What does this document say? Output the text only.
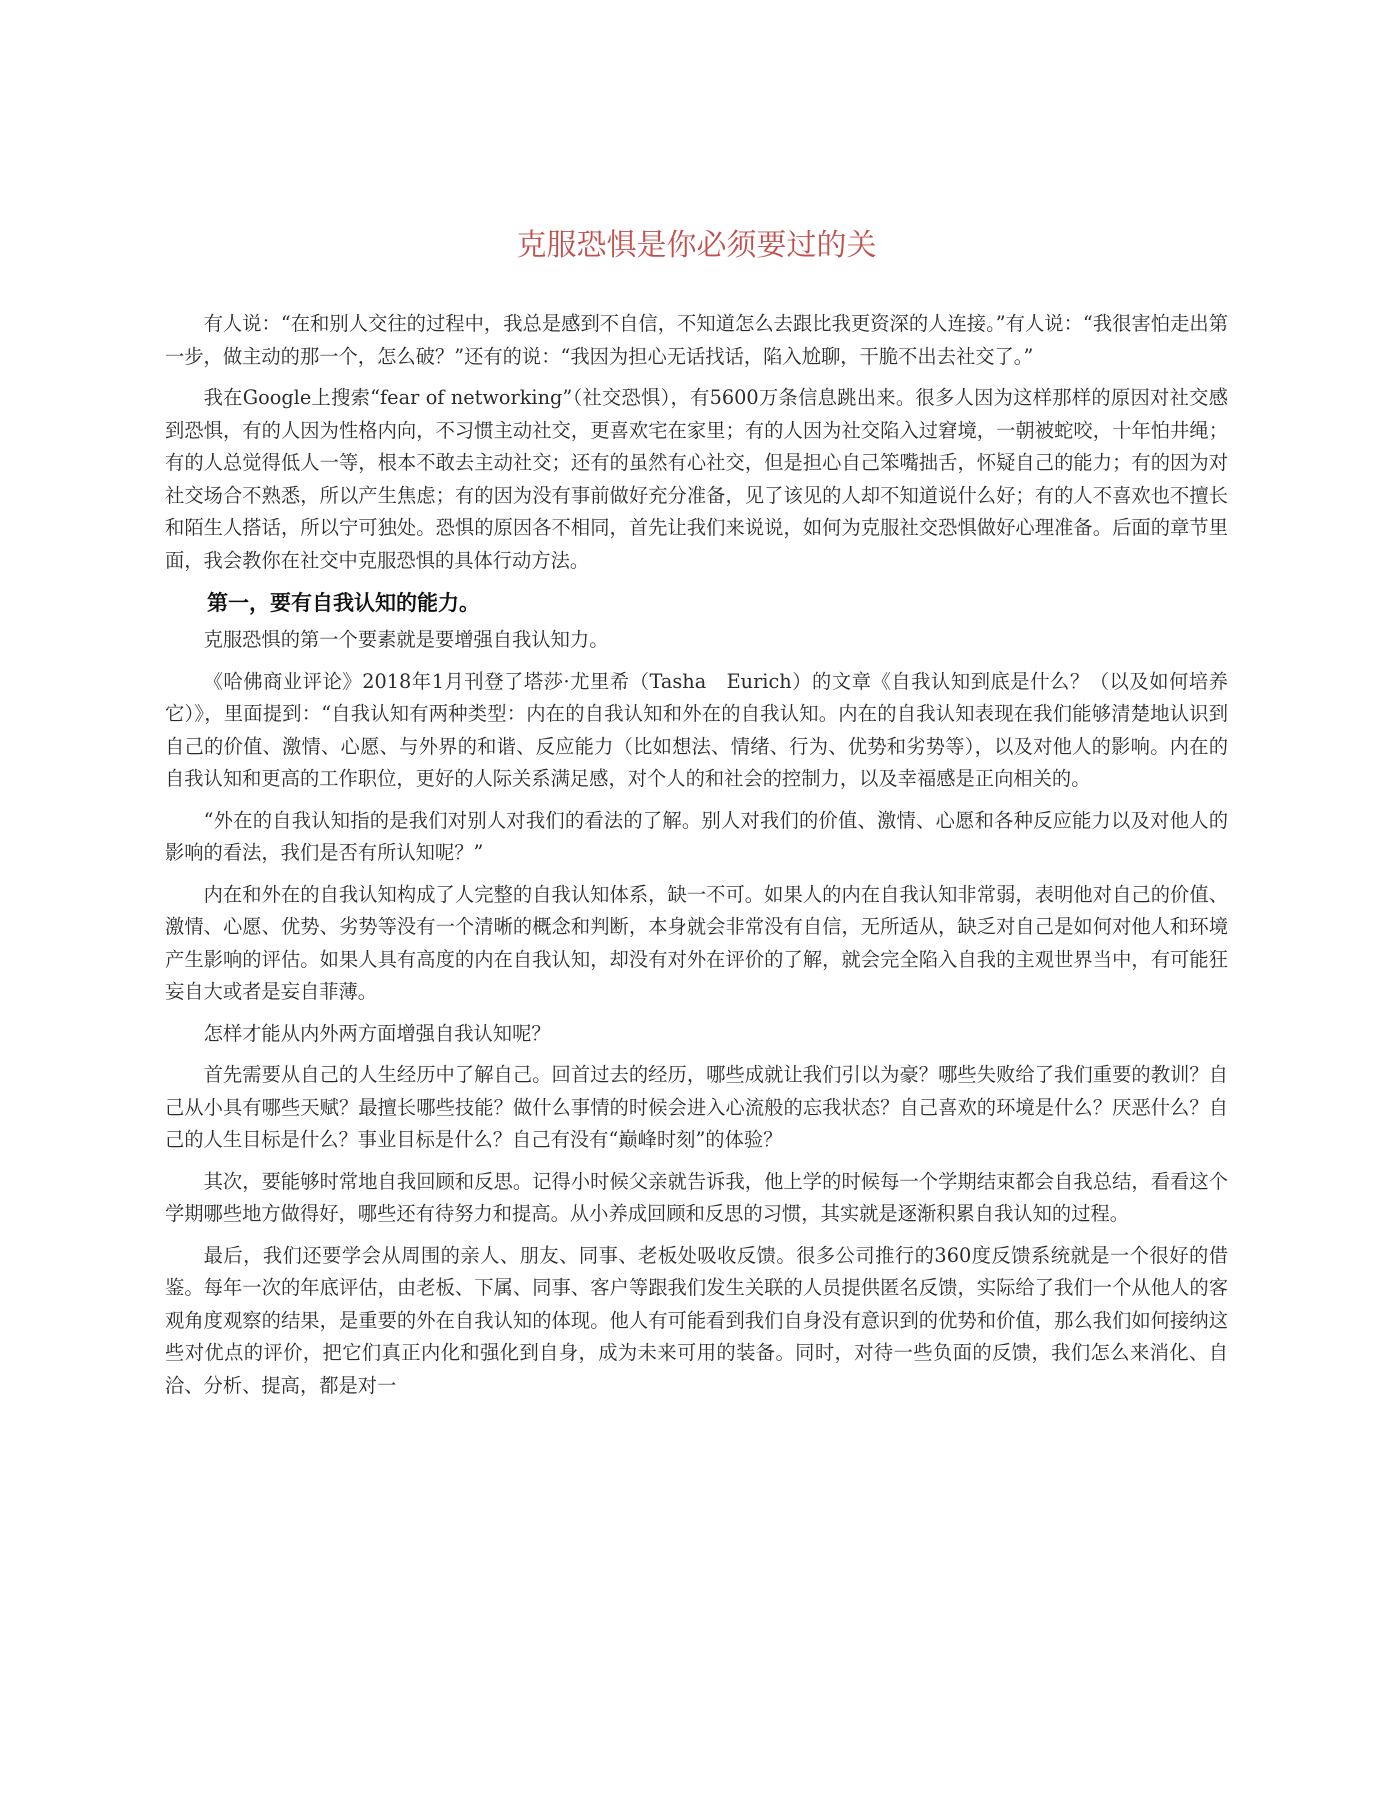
克服恐惧是你必须要过的关

有人说：“在和别人交往的过程中，我总是感到不自信，不知道怎么去跟比我更资深的人连接。”有人说：“我很害怕走出第一步，做主动的那一个，怎么破？”还有的说：“我因为担心无话找话，陷入尬聊，干脆不出去社交了。”

我在Google上搜索“fear of networking”（社交恐惧），有5600万条信息跳出来。很多人因为这样那样的原因对社交感到恐惧，有的人因为性格内向，不习惯主动社交，更喜欢宅在家里；有的人因为社交陷入过窘境，一朝被蛇咬，十年怕井绳；有的人总觉得低人一等，根本不敢去主动社交；还有的虽然有心社交，但是担心自己笨嘴拙舌，怀疑自己的能力；有的因为对社交场合不熟悉，所以产生焦虑；有的因为没有事前做好充分准备，见了该见的人却不知道说什么好；有的人不喜欢也不擅长和陌生人搭话，所以宁可独处。恐惧的原因各不相同，首先让我们来说说，如何为克服社交恐惧做好心理准备。后面的章节里面，我会教你在社交中克服恐惧的具体行动方法。

第一，要有自我认知的能力。

克服恐惧的第一个要素就是要增强自我认知力。

《哈佛商业评论》2018年1月刊登了塔莎·尤里希（Tasha　Eurich）的文章《自我认知到底是什么？（以及如何培养它）》，里面提到：“自我认知有两种类型：内在的自我认知和外在的自我认知。内在的自我认知表现在我们能够清楚地认识到自己的价值、激情、心愿、与外界的和谐、反应能力（比如想法、情绪、行为、优势和劣势等），以及对他人的影响。内在的自我认知和更高的工作职位，更好的人际关系满足感，对个人的和社会的控制力，以及幸福感是正向相关的。

“外在的自我认知指的是我们对别人对我们的看法的了解。别人对我们的价值、激情、心愿和各种反应能力以及对他人的影响的看法，我们是否有所认知呢？”

内在和外在的自我认知构成了人完整的自我认知体系，缺一不可。如果人的内在自我认知非常弱，表明他对自己的价值、激情、心愿、优势、劣势等没有一个清晰的概念和判断，本身就会非常没有自信，无所适从，缺乏对自己是如何对他人和环境产生影响的评估。如果人具有高度的内在自我认知，却没有对外在评价的了解，就会完全陷入自我的主观世界当中，有可能狂妄自大或者是妄自菲薄。

怎样才能从内外两方面增强自我认知呢？

首先需要从自己的人生经历中了解自己。回首过去的经历，哪些成就让我们引以为豪？哪些失败给了我们重要的教训？自己从小具有哪些天赋？最擅长哪些技能？做什么事情的时候会进入心流般的忘我状态？自己喜欢的环境是什么？厌恶什么？自己的人生目标是什么？事业目标是什么？自己有没有“巅峰时刻”的体验？

其次，要能够时常地自我回顾和反思。记得小时候父亲就告诉我，他上学的时候每一个学期结束都会自我总结，看看这个学期哪些地方做得好，哪些还有待努力和提高。从小养成回顾和反思的习惯，其实就是逐渐积累自我认知的过程。

最后，我们还要学会从周围的亲人、朋友、同事、老板处吸收反馈。很多公司推行的360度反馈系统就是一个很好的借鉴。每年一次的年底评估，由老板、下属、同事、客户等跟我们发生关联的人员提供匿名反馈，实际给了我们一个从他人的客观角度观察的结果，是重要的外在自我认知的体现。他人有可能看到我们自身没有意识到的优势和价值，那么我们如何接纳这些对优点的评价，把它们真正内化和强化到自身，成为未来可用的装备。同时，对待一些负面的反馈，我们怎么来消化、自洽、分析、提高，都是对一
